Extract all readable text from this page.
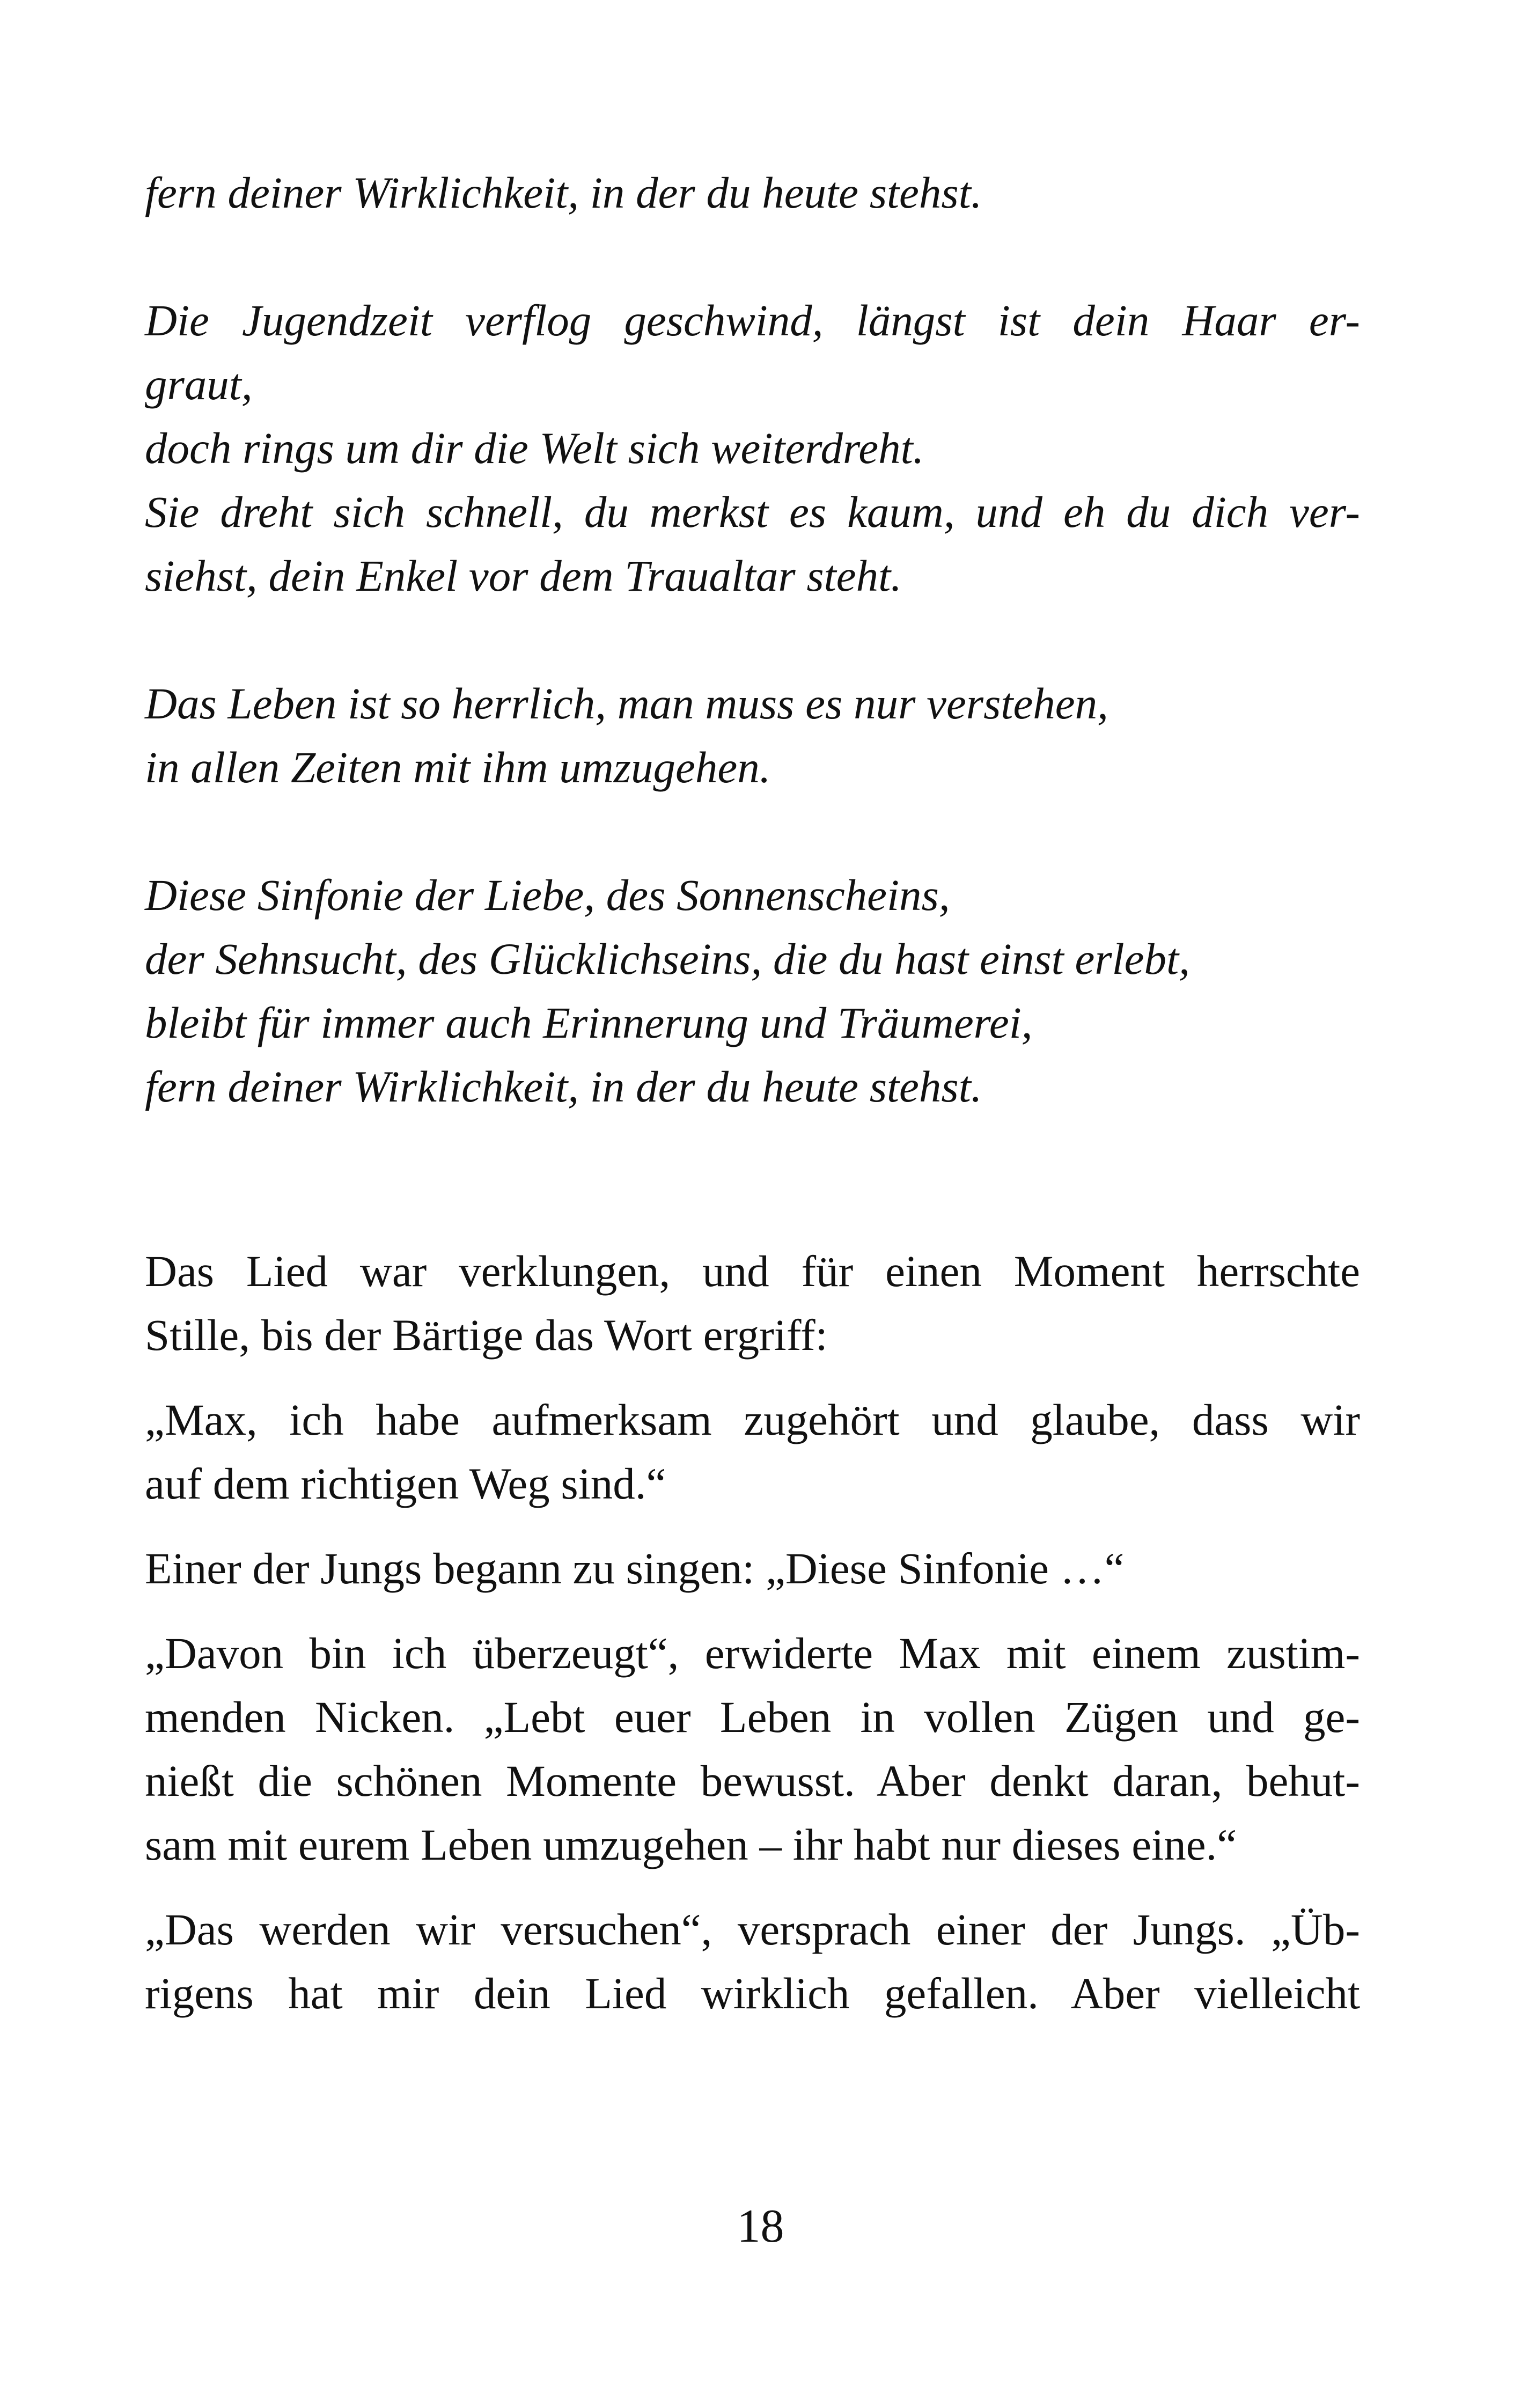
fern deiner Wirklichkeit, in der du heute stehst.
Die Jugendzeit verflog geschwind, längst ist dein Haar er-
graut,
doch rings um dir die Welt sich weiterdreht.
Sie dreht sich schnell, du merkst es kaum, und eh du dich ver-
siehst, dein Enkel vor dem Traualtar steht.
Das Leben ist so herrlich, man muss es nur verstehen,
in allen Zeiten mit ihm umzugehen.
Diese Sinfonie der Liebe, des Sonnenscheins,
der Sehnsucht, des Glücklichseins, die du hast einst erlebt,
bleibt für immer auch Erinnerung und Träumerei,
fern deiner Wirklichkeit, in der du heute stehst.

Das Lied war verklungen, und für einen Moment herrschte
Stille, bis der Bärtige das Wort ergriff:

„Max, ich habe aufmerksam zugehört und glaube, dass wir
auf dem richtigen Weg sind.“

Einer der Jungs begann zu singen: „Diese Sinfonie …“

„Davon bin ich überzeugt“, erwiderte Max mit einem zustim-
menden Nicken. „Lebt euer Leben in vollen Zügen und ge-
nießt die schönen Momente bewusst. Aber denkt daran, behut-
sam mit eurem Leben umzugehen – ihr habt nur dieses eine.“

„Das werden wir versuchen“, versprach einer der Jungs. „Üb-
rigens hat mir dein Lied wirklich gefallen. Aber vielleicht

18
